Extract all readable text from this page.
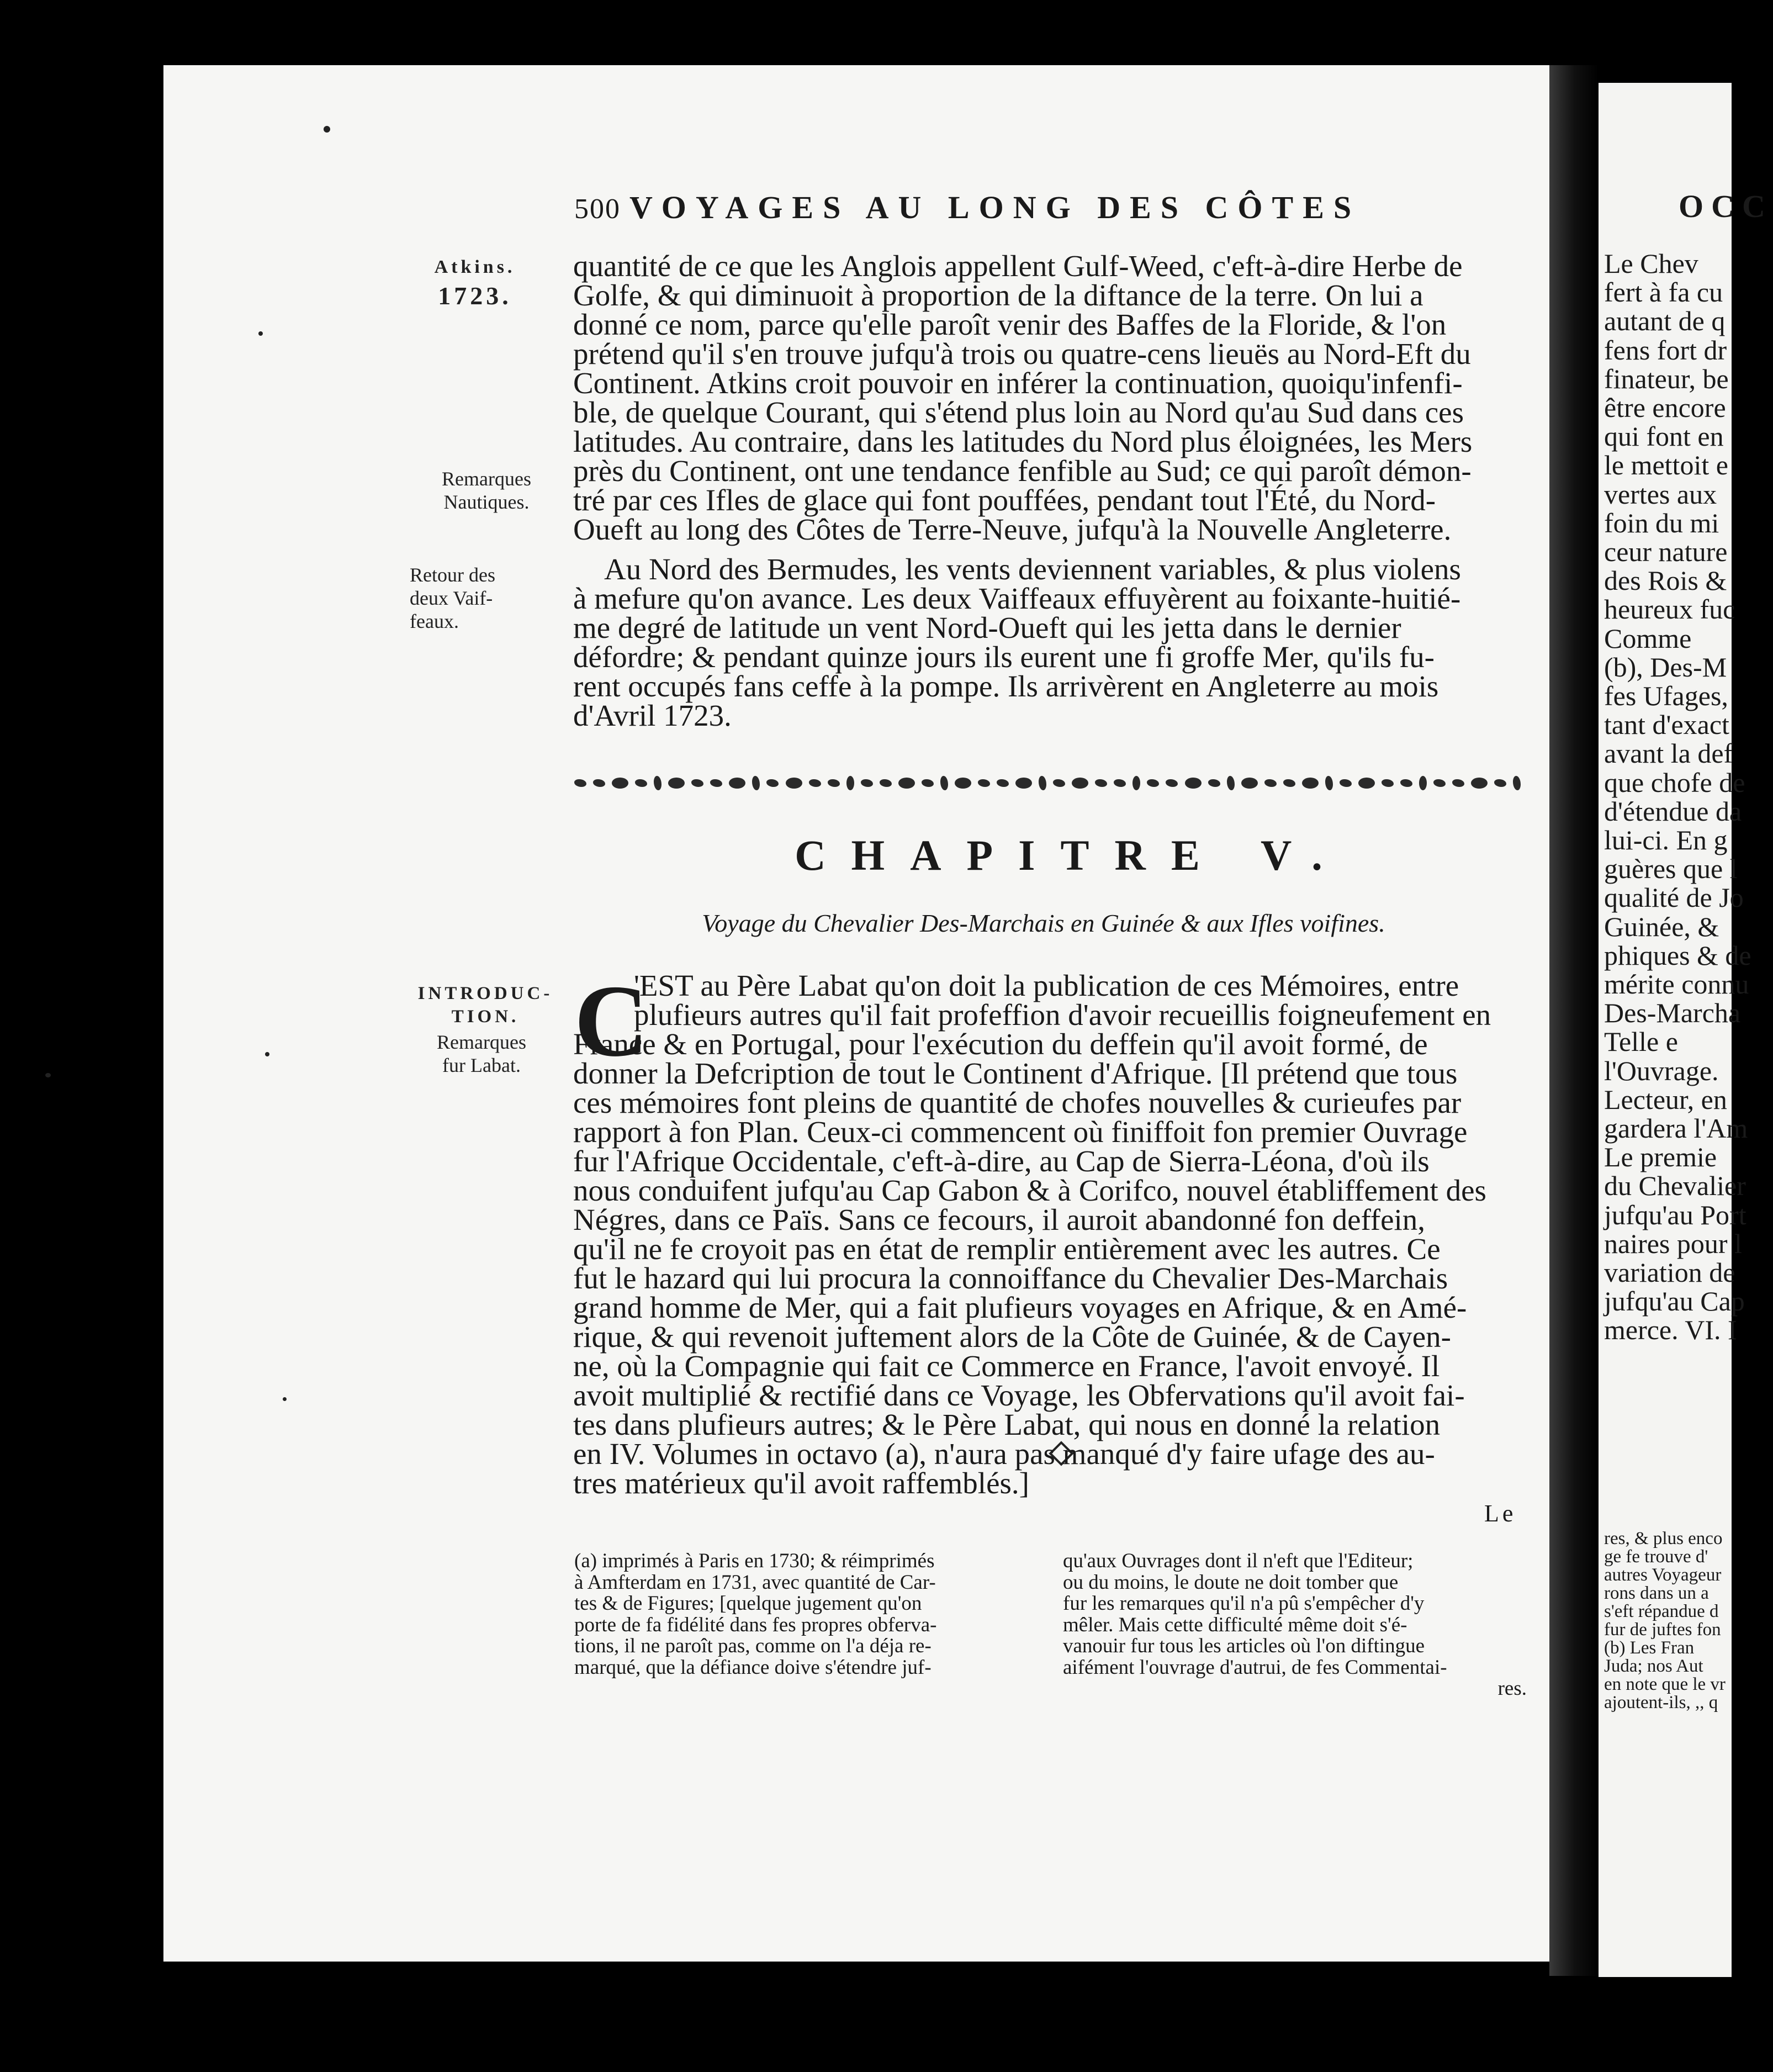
500 VOYAGES AU LONG DES CÔTES
Atkins.
1723.
Remarques
Nautiques.
Retour des
deux Vaif-
feaux.
INTRODUC-
TION.
Remarques
fur Labat.
quantité de ce que les Anglois appellent Gulf-Weed, c'eft-à-dire Herbe de
Golfe, & qui diminuoit à proportion de la diftance de la terre. On lui a
donné ce nom, parce qu'elle paroît venir des Baffes de la Floride, & l'on
prétend qu'il s'en trouve jufqu'à trois ou quatre-cens lieuës au Nord-Eft du
Continent. Atkins croit pouvoir en inférer la continuation, quoiqu'infenfi-
ble, de quelque Courant, qui s'étend plus loin au Nord qu'au Sud dans ces
latitudes. Au contraire, dans les latitudes du Nord plus éloignées, les Mers
près du Continent, ont une tendance fenfible au Sud; ce qui paroît démon-
tré par ces Ifles de glace qui font pouffées, pendant tout l'Été, du Nord-
Oueft au long des Côtes de Terre-Neuve, jufqu'à la Nouvelle Angleterre.
Au Nord des Bermudes, les vents deviennent variables, & plus violens
à mefure qu'on avance. Les deux Vaiffeaux effuyèrent au foixante-huitié-
me degré de latitude un vent Nord-Oueft qui les jetta dans le dernier
défordre; & pendant quinze jours ils eurent une fi groffe Mer, qu'ils fu-
rent occupés fans ceffe à la pompe. Ils arrivèrent en Angleterre au mois
d'Avril 1723.
CHAPITRE V.
Voyage du Chevalier Des-Marchais en Guinée & aux Ifles voifines.
C
'EST au Père Labat qu'on doit la publication de ces Mémoires, entre
plufieurs autres qu'il fait profeffion d'avoir recueillis foigneufement en
France & en Portugal, pour l'exécution du deffein qu'il avoit formé, de
donner la Defcription de tout le Continent d'Afrique. [Il prétend que tous
ces mémoires font pleins de quantité de chofes nouvelles & curieufes par
rapport à fon Plan. Ceux-ci commencent où finiffoit fon premier Ouvrage
fur l'Afrique Occidentale, c'eft-à-dire, au Cap de Sierra-Léona, d'où ils
nous conduifent jufqu'au Cap Gabon & à Corifco, nouvel établiffement des
Négres, dans ce Païs. Sans ce fecours, il auroit abandonné fon deffein,
qu'il ne fe croyoit pas en état de remplir entièrement avec les autres. Ce
fut le hazard qui lui procura la connoiffance du Chevalier Des-Marchais
grand homme de Mer, qui a fait plufieurs voyages en Afrique, & en Amé-
rique, & qui revenoit juftement alors de la Côte de Guinée, & de Cayen-
ne, où la Compagnie qui fait ce Commerce en France, l'avoit envoyé. Il
avoit multiplié & rectifié dans ce Voyage, les Obfervations qu'il avoit fai-
tes dans plufieurs autres; & le Père Labat, qui nous en donné la relation
en IV. Volumes in octavo (a), n'aura pas manqué d'y faire ufage des au-
tres matérieux qu'il avoit raffemblés.]
Le
(a) imprimés à Paris en 1730; & réimprimés
à Amfterdam en 1731, avec quantité de Car-
tes & de Figures; [quelque jugement qu'on
porte de fa fidélité dans fes propres obferva-
tions, il ne paroît pas, comme on l'a déja re-
marqué, que la défiance doive s'étendre juf-
qu'aux Ouvrages dont il n'eft que l'Editeur;
ou du moins, le doute ne doit tomber que
fur les remarques qu'il n'a pû s'empêcher d'y
mêler. Mais cette difficulté même doit s'é-
vanouir fur tous les articles où l'on diftingue
aifément l'ouvrage d'autrui, de fes Commentai-
res.
OCC
Le Chev
fert à fa cu
autant de q
fens fort dr
finateur, be
être encore
qui font en
le mettoit e
vertes aux
foin du mi
ceur nature
des Rois &
heureux fuc
Comme
(b), Des-M
fes Ufages,
tant d'exact
avant la def
que chofe de
d'étendue da
lui-ci. En g
guères que l
qualité de Jo
Guinée, &
phiques & de
mérite connu
Des-Marcha
Telle e
l'Ouvrage.
Lecteur, en
gardera l'Am
Le premie
du Chevalier
jufqu'au Port
naires pour l
variation de
jufqu'au Cap
merce. VI. I
res, & plus enco
ge fe trouve d'
autres Voyageur
rons dans un a
s'eft répandue d
fur de juftes fon
(b) Les Fran
Juda; nos Aut
en note que le vr
ajoutent-ils, ,, q
